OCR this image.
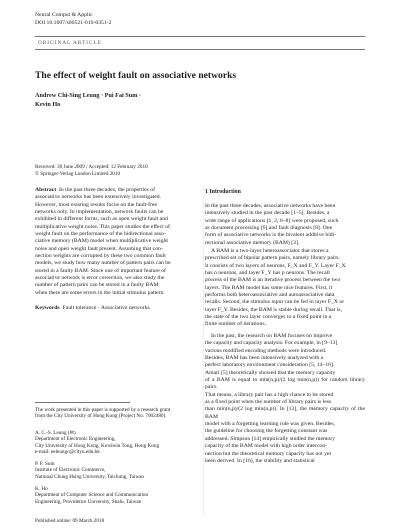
Neural Comput & Applic
DOI 10.1007/s00521-010-0351-2
ORIGINAL ARTICLE
The effect of weight fault on associative networks
Andrew Chi-Sing Leung · Pui Fai Sum ·
Kevin Ho
Received: 30 June 2009 / Accepted: 12 February 2010
© Springer-Verlag London Limited 2010
Abstract In the past three decades, the properties of
associative networks has been extensively investigated.
However, most existing results focus on the fault-free
networks only. In implementation, network faults can be
exhibited in different forms, such as open weight fault and
multiplicative weight noise. This paper studies the effect of
weight fault on the performance of the bidirectional asso-
ciative memory (BAM) model when multiplicative weight
noise and open weight fault present. Assuming that con-
nection weights are corrupted by these two common fault
models, we study how many number of pattern pairs can be
stored in a faulty BAM. Since one of important feature of
associative network is error correction, we also study the
number of pattern pairs can be stored in a faulty BAM
when there are some errors in the initial stimulus pattern.
Keywords Fault tolerance · Associative networks
The work presented in this paper is supported by a research grant
from the City University of Hong Kong (Project No. 7002480).
A. C.-S. Leung (✉)
Department of Electronic Engineering,
City University of Hong Kong, Kowloon Tong, Hong Kong
e-mail: eeleungc@cityu.edu.hk
P. F. Sum
Institute of Electronic Commerce,
National Chung Hsing University, Taichung, Taiwan
K. Ho
Department of Computer Science and Communication
Engineering, Providence University, Shalu, Taiwan
Published online: 09 March 2010
1 Introduction
In the past three decades, associative networks have been
intensively studied in the past decade [1–5]. Besides, a
wide range of applications [1, 2, 6–8] were proposed, such
as document processing [6] and fault diagnosis [8]. One
form of associative networks is the bivalent additive bidi-
rectional associative memory (BAM) [3].
A BAM is a two-layer heteroassociator that stores a
prescribed set of bipolar pattern pairs, namely library pairs.
It consists of two layers of neurons, F_X and F_Y. Layer F_X
has n neurons, and layer F_Y has p neurons. The recall
process of the BAM is an iterative process between the two
layers. The BAM model has some nice features. First, it
performs both heteroassociative and autoassociative data
recalls. Second, the stimulus input can be fed in layer F_X or
layer F_Y. Besides, the BAM is stable during recall. That is,
the state of the two layer converges to a fixed point in a
finite number of iterations.
In the past, the research on BAM focuses on improve
the capacity and capacity analysis. For example, in [9–13]
various modified encoding methods were introduced.
Besides, BAM has been intensively analyzed with a
perfect laboratory environment consideration [5, 14–16].
Amari [5] theoretically showed that the memory capacity
of a BAM is equal to min(n,p)/(2 log min(n,p)) for random library pairs.
That means, a library pair has a high chance to be stored
as a fixed point when the number of library pairs is less
than min(n,p)/(2 log min(n,p)). In [13], the memory capacity of the BAM
model with a forgetting learning rule was given. Besides,
the guideline for choosing the forgetting constant was
addressed. Simpson [14] empirically studied the memory
capacity of the BAM model with high order intercon-
nection but the theoretical memory capacity has not yet
been derived. In [16], the stability and statistical
